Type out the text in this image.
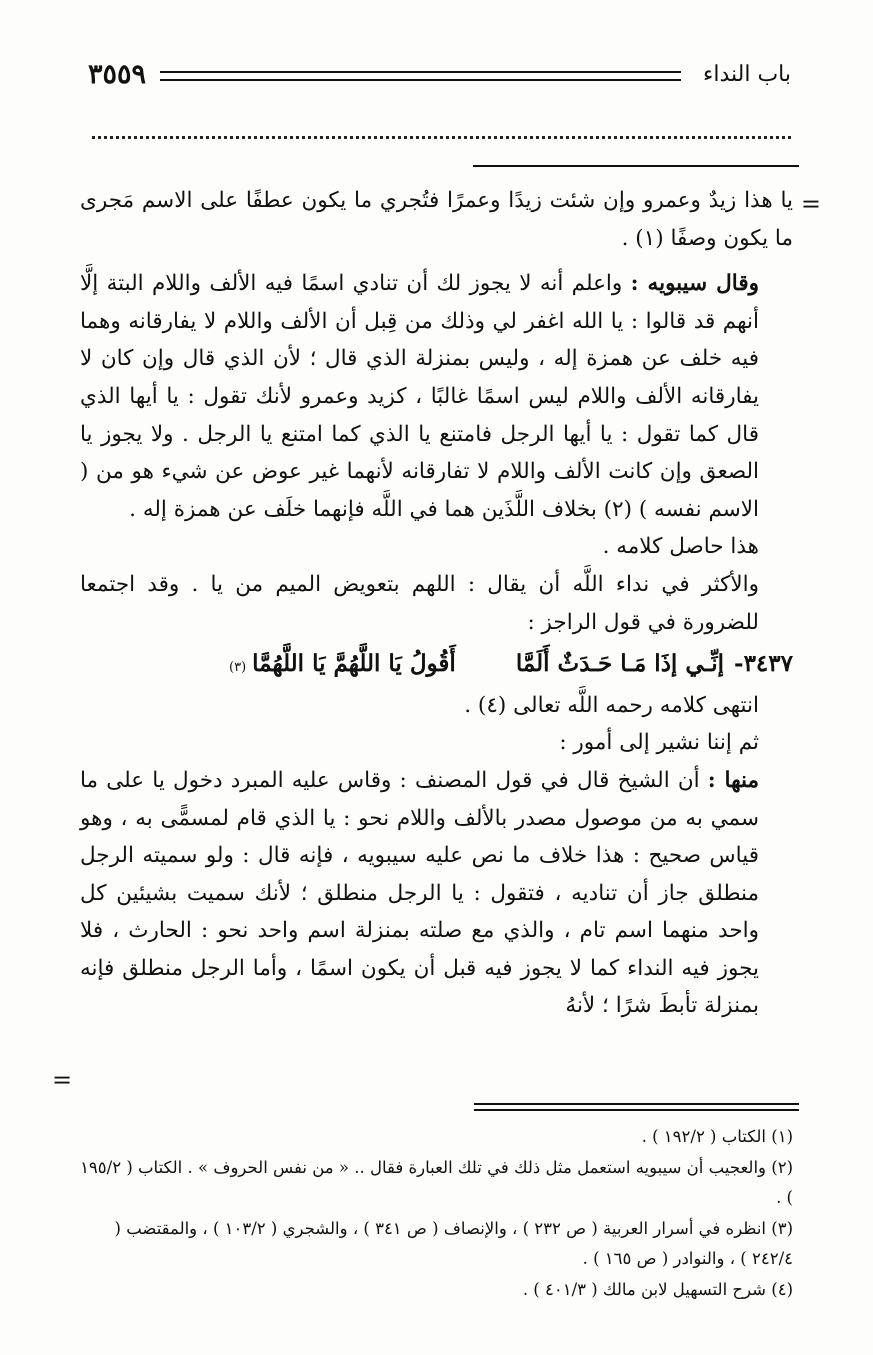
٣٥٥٩	باب النداء
=

يا هذا زيدٌ وعمرو وإن شئت زيدًا وعمرًا فتُجري ما يكون عطفًا على الاسم مَجرى ما يكون وصفًا (١) .

وقال سيبويه : واعلم أنه لا يجوز لك أن تنادي اسمًا فيه الألف واللام البتة إلَّا أنهم قد قالوا : يا الله اغفر لي وذلك من قِبل أن الألف واللام لا يفارقانه وهما فيه خلف عن همزة إله ، وليس بمنزلة الذي قال ؛ لأن الذي قال وإن كان لا يفارقانه الألف واللام ليس اسمًا غالبًا ، كزيد وعمرو لأنك تقول : يا أيها الذي قال كما تقول : يا أيها الرجل فامتنع يا الذي كما امتنع يا الرجل . ولا يجوز يا الصعق وإن كانت الألف واللام لا تفارقانه لأنهما غير عوض عن شيء هو من ( الاسم نفسه ) (٢) بخلاف اللَّذَين هما في اللَّه فإنهما خلَف عن همزة إله .

هذا حاصل كلامه .

والأكثر في نداء اللَّه أن يقال : اللهم بتعويض الميم من يا . وقد اجتمعا للضرورة في قول الراجز :

٣٤٣٧-
إنِّـي إذَا مَـا حَـدَثٌ أَلَمَّا
أَقُولُ يَا اللَّهُمَّ يَا اللَّهُمَّا
(٣)

انتهى كلامه رحمه اللَّه تعالى (٤) .

ثم إننا نشير إلى أمور :

منها : أن الشيخ قال في قول المصنف : وقاس عليه المبرد دخول يا على ما سمي به من موصول مصدر بالألف واللام نحو : يا الذي قام لمسمًّى به ، وهو قياس صحيح : هذا خلاف ما نص عليه سيبويه ، فإنه قال : ولو سميته الرجل منطلق جاز أن تناديه ، فتقول : يا الرجل منطلق ؛ لأنك سميت بشيئين كل واحد منهما اسم تام ، والذي مع صلته بمنزلة اسم واحد نحو : الحارث ، فلا يجوز فيه النداء كما لا يجوز فيه قبل أن يكون اسمًا ، وأما الرجل منطلق فإنه بمنزلة تأبطَ شرًا ؛ لأنهُ

=

(١) الكتاب ( ١٩٢/٢ ) .

(٢) والعجيب أن سيبويه استعمل مثل ذلك في تلك العبارة فقال .. « من نفس الحروف » . الكتاب ( ١٩٥/٢ ) .

(٣) انظره في أسرار العربية ( ص ٢٣٢ ) ، والإنصاف ( ص ٣٤١ ) ، والشجري ( ١٠٣/٢ ) ، والمقتضب ( ٢٤٢/٤ ) ، والنوادر ( ص ١٦٥ ) .

(٤) شرح التسهيل لابن مالك ( ٤٠١/٣ ) .
